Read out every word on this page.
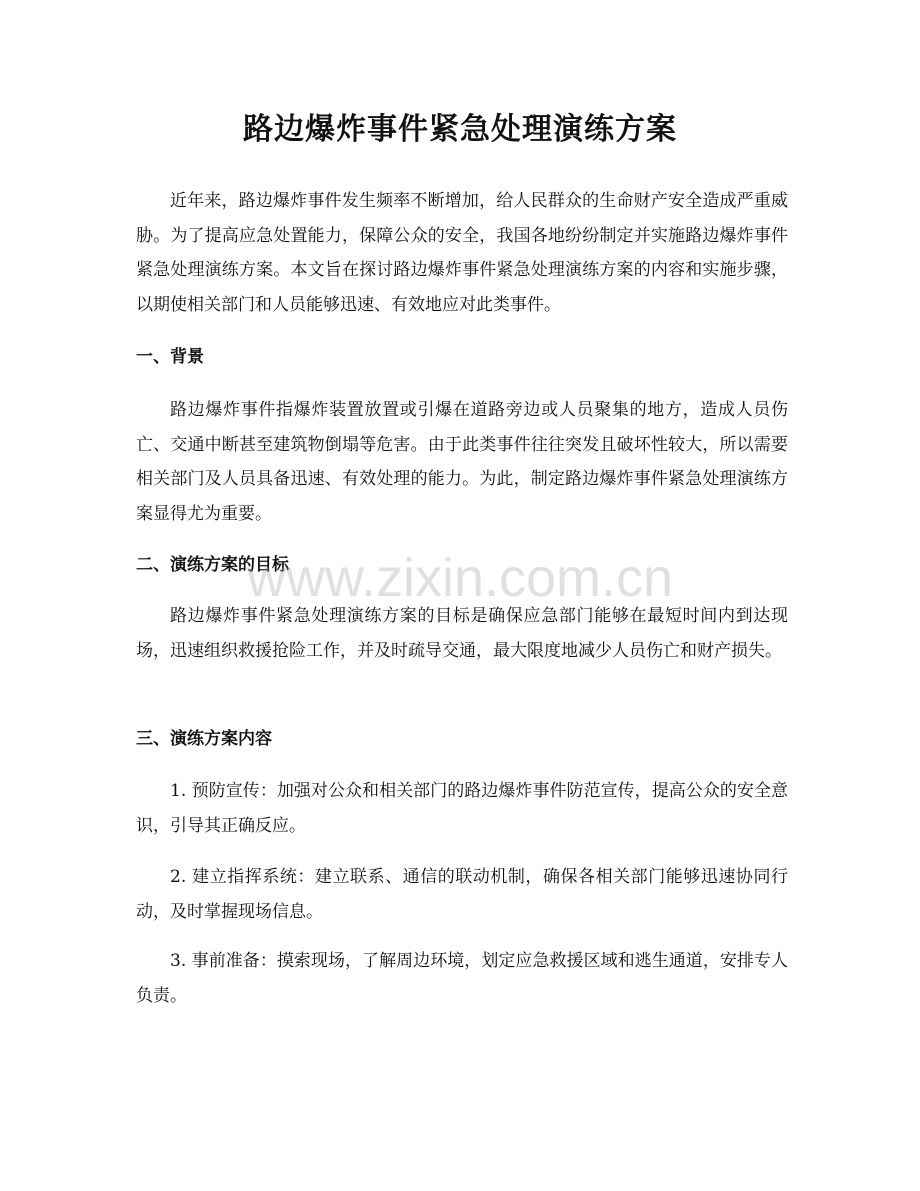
路边爆炸事件紧急处理演练方案

近年来，路边爆炸事件发生频率不断增加，给人民群众的生命财产安全造成严重威胁。为了提高应急处置能力，保障公众的安全，我国各地纷纷制定并实施路边爆炸事件紧急处理演练方案。本文旨在探讨路边爆炸事件紧急处理演练方案的内容和实施步骤，以期使相关部门和人员能够迅速、有效地应对此类事件。

一、背景

路边爆炸事件指爆炸装置放置或引爆在道路旁边或人员聚集的地方，造成人员伤亡、交通中断甚至建筑物倒塌等危害。由于此类事件往往突发且破坏性较大，所以需要相关部门及人员具备迅速、有效处理的能力。为此，制定路边爆炸事件紧急处理演练方案显得尤为重要。

二、演练方案的目标

路边爆炸事件紧急处理演练方案的目标是确保应急部门能够在最短时间内到达现场，迅速组织救援抢险工作，并及时疏导交通，最大限度地减少人员伤亡和财产损失。

三、演练方案内容

1. 预防宣传：加强对公众和相关部门的路边爆炸事件防范宣传，提高公众的安全意识，引导其正确反应。

2. 建立指挥系统：建立联系、通信的联动机制，确保各相关部门能够迅速协同行动，及时掌握现场信息。

3. 事前准备：摸索现场，了解周边环境，划定应急救援区域和逃生通道，安排专人负责。

www.zixin.com.cn
